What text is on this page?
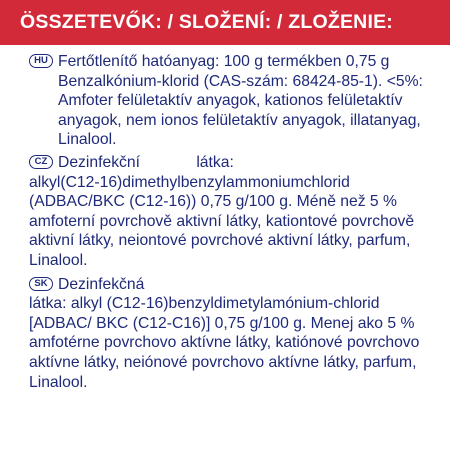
ÖSSZETEVŐK: / SLOŽENÍ: / ZLOŽENIE:
HU Fertőtlenítő hatóanyag: 100 g termékben 0,75 g
Benzalkónium-klorid (CAS-szám: 68424-85-1). <5%:
Amfoter felületaktív anyagok, kationos felületaktív
anyagok, nem ionos felületaktív anyagok, illatanyag,
Linalool.
CZ Dezinfekční látka:
alkyl(C12-16)dimethylbenzylammoniumchlorid
(ADBAC/BKC (C12-16)) 0,75 g/100 g. Méně než 5 %
amfoterní povrchově aktivní látky, kationtové povrchově
aktivní látky, neiontové povrchové aktivní látky, parfum,
Linalool.
SK Dezinfekčná
látka: alkyl (C12-16)benzyldimetylamónium-chlorid
[ADBAC/ BKC (C12-C16)] 0,75 g/100 g. Menej ako 5 %
amfotérne povrchovo aktívne látky, katiónové povrchovo
aktívne látky, neiónové povrchovo aktívne látky, parfum,
Linalool.
